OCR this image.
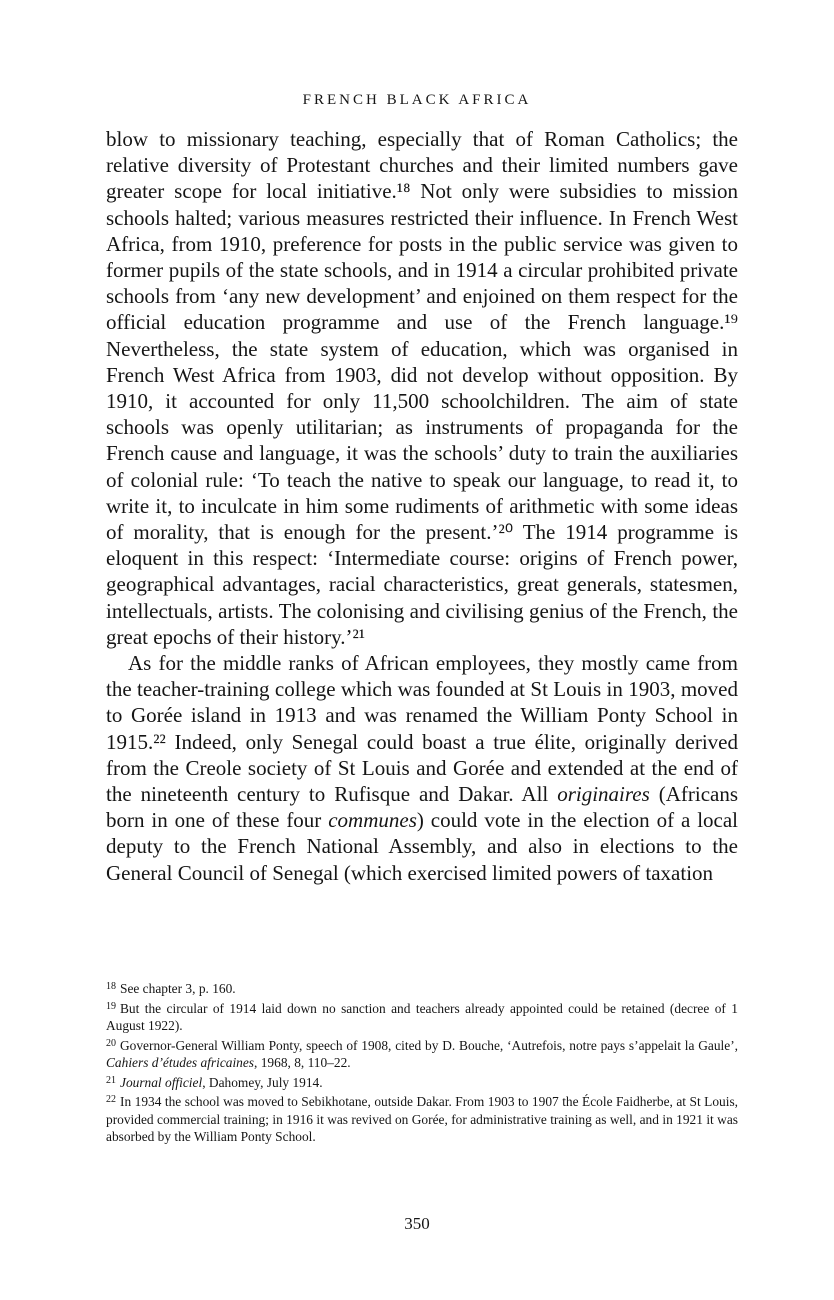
FRENCH BLACK AFRICA

blow to missionary teaching, especially that of Roman Catholics; the relative diversity of Protestant churches and their limited numbers gave greater scope for local initiative.¹⁸ Not only were subsidies to mission schools halted; various measures restricted their influence. In French West Africa, from 1910, preference for posts in the public service was given to former pupils of the state schools, and in 1914 a circular prohibited private schools from ‘any new development’ and enjoined on them respect for the official education programme and use of the French language.¹⁹ Nevertheless, the state system of education, which was organised in French West Africa from 1903, did not develop without opposition. By 1910, it accounted for only 11,500 schoolchildren. The aim of state schools was openly utilitarian; as instruments of propaganda for the French cause and language, it was the schools’ duty to train the auxiliaries of colonial rule: ‘To teach the native to speak our language, to read it, to write it, to inculcate in him some rudiments of arithmetic with some ideas of morality, that is enough for the present.’²⁰ The 1914 programme is eloquent in this respect: ‘Intermediate course: origins of French power, geographical advantages, racial characteristics, great generals, statesmen, intellectuals, artists. The colonising and civilising genius of the French, the great epochs of their history.’²¹

As for the middle ranks of African employees, they mostly came from the teacher-training college which was founded at St Louis in 1903, moved to Gorée island in 1913 and was renamed the William Ponty School in 1915.²² Indeed, only Senegal could boast a true élite, originally derived from the Creole society of St Louis and Gorée and extended at the end of the nineteenth century to Rufisque and Dakar. All originaires (Africans born in one of these four communes) could vote in the election of a local deputy to the French National Assembly, and also in elections to the General Council of Senegal (which exercised limited powers of taxation

$^{18}$ See chapter 3, p. 160.

$^{19}$ But the circular of 1914 laid down no sanction and teachers already appointed could be retained (decree of 1 August 1922).

$^{20}$ Governor-General William Ponty, speech of 1908, cited by D. Bouche, ‘Autrefois, notre pays s’appelait la Gaule’, Cahiers d’études africaines, 1968, 8, 110–22.

$^{21}$ Journal officiel, Dahomey, July 1914.

$^{22}$ In 1934 the school was moved to Sebikhotane, outside Dakar. From 1903 to 1907 the École Faidherbe, at St Louis, provided commercial training; in 1916 it was revived on Gorée, for administrative training as well, and in 1921 it was absorbed by the William Ponty School.

350
